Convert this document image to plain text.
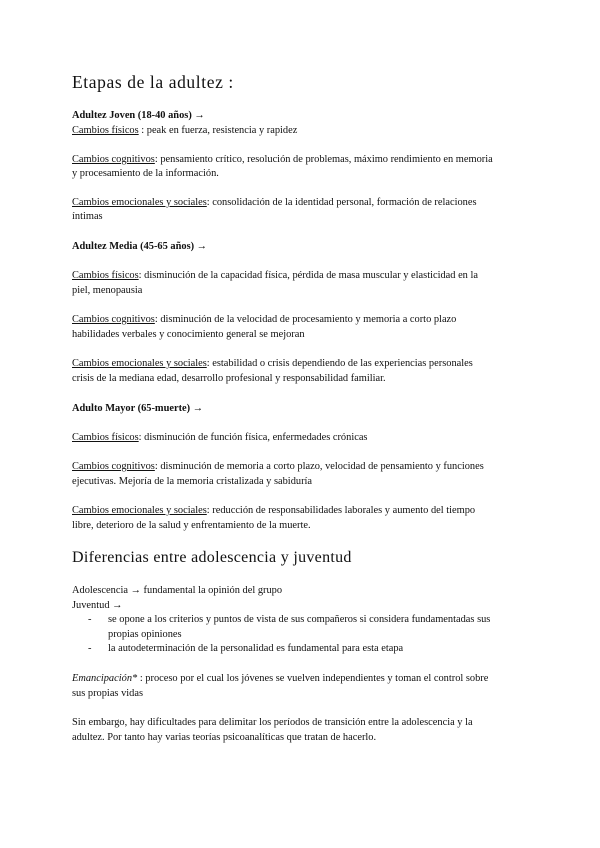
Etapas de la adultez :

Adultez Joven (18-40 años) →

Cambios físicos : peak en fuerza, resistencia y rapidez

Cambios cognitivos: pensamiento crítico, resolución de problemas, máximo rendimiento en memoria

y procesamiento de la información.

Cambios emocionales y sociales: consolidación de la identidad personal, formación de relaciones

íntimas

Adultez Media (45-65 años) →

Cambios físicos: disminución de la capacidad física, pérdida de masa muscular y elasticidad en la

piel, menopausia

Cambios cognitivos: disminución de la velocidad de procesamiento y memoria a corto plazo

habilidades verbales y conocimiento general se mejoran

Cambios emocionales y sociales: estabilidad o crisis dependiendo de las experiencias personales

crisis de la mediana edad, desarrollo profesional y responsabilidad familiar.

Adulto Mayor (65-muerte) →

Cambios físicos: disminución de función física, enfermedades crónicas

Cambios cognitivos: disminución de memoria a corto plazo, velocidad de pensamiento y funciones

ejecutivas. Mejoría de la memoria cristalizada y sabiduría

Cambios emocionales y sociales: reducción de responsabilidades laborales y aumento del tiempo

libre, deterioro de la salud y enfrentamiento de la muerte.

Diferencias entre adolescencia y juventud

Adolescencia → fundamental la opinión del grupo

Juventud →

- se opone a los criterios y puntos de vista de sus compañeros si considera fundamentadas sus

propias opiniones

- la autodeterminación de la personalidad es fundamental para esta etapa

Emancipación* : proceso por el cual los jóvenes se vuelven independientes y toman el control sobre

sus propias vidas

Sin embargo, hay dificultades para delimitar los períodos de transición entre la adolescencia y la

adultez. Por tanto hay varias teorías psicoanalíticas que tratan de hacerlo.
